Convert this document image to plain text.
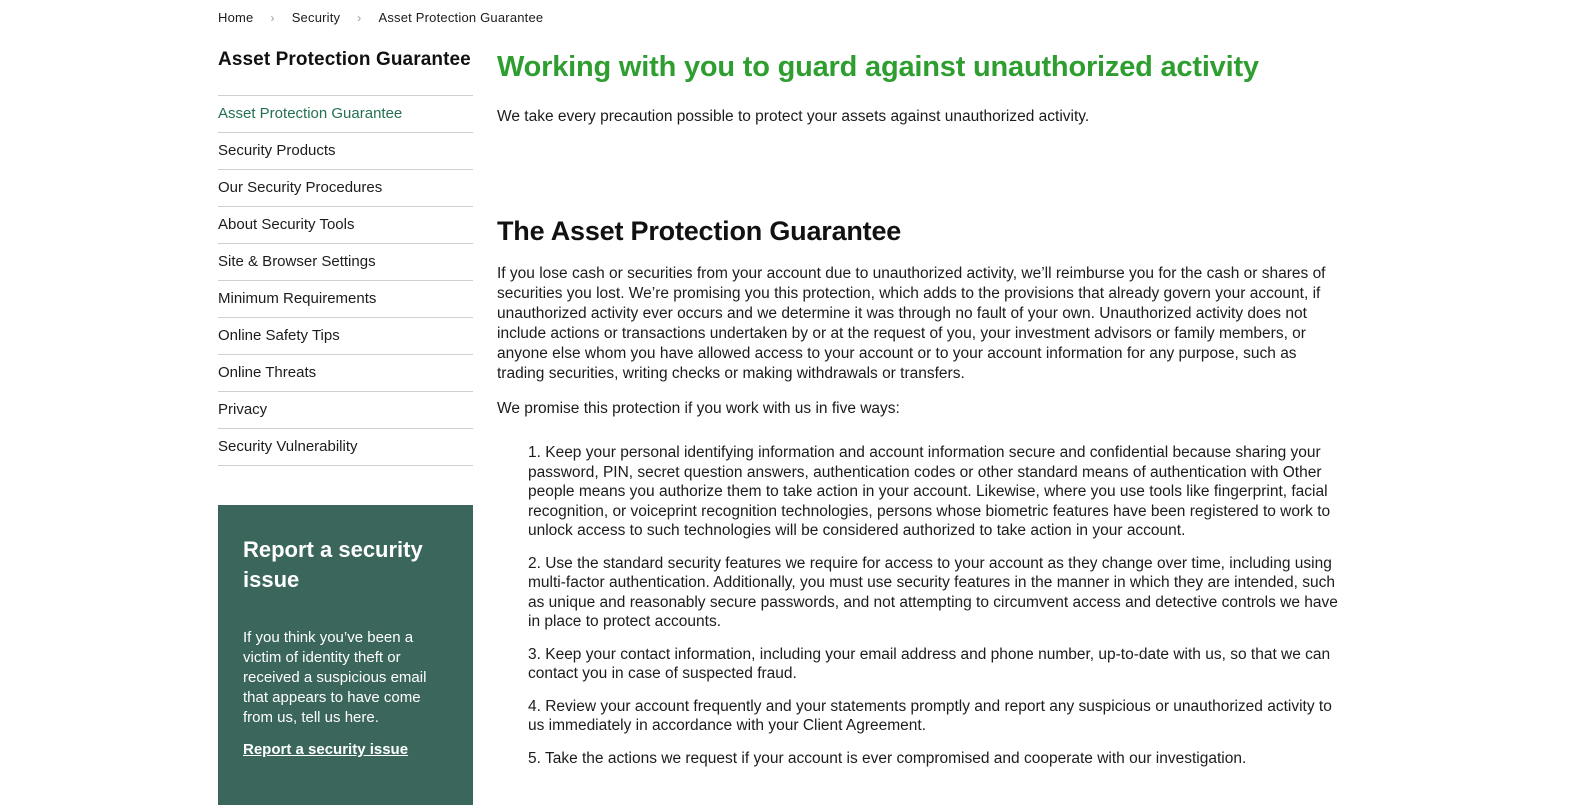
Home › Security › Asset Protection Guarantee
Asset Protection Guarantee
Asset Protection Guarantee
Security Products
Our Security Procedures
About Security Tools
Site & Browser Settings
Minimum Requirements
Online Safety Tips
Online Threats
Privacy
Security Vulnerability
Report a security issue

If you think you’ve been a victim of identity theft or received a suspicious email that appears to have come from us, tell us here.

Report a security issue
Working with you to guard against unauthorized activity

We take every precaution possible to protect your assets against unauthorized activity.

The Asset Protection Guarantee

If you lose cash or securities from your account due to unauthorized activity, we’ll reimburse you for the cash or shares of securities you lost. We’re promising you this protection, which adds to the provisions that already govern your account, if unauthorized activity ever occurs and we determine it was through no fault of your own. Unauthorized activity does not include actions or transactions undertaken by or at the request of you, your investment advisors or family members, or anyone else whom you have allowed access to your account or to your account information for any purpose, such as trading securities, writing checks or making withdrawals or transfers.

We promise this protection if you work with us in five ways:

1. Keep your personal identifying information and account information secure and confidential because sharing your password, PIN, secret question answers, authentication codes or other standard means of authentication with Other people means you authorize them to take action in your account. Likewise, where you use tools like fingerprint, facial recognition, or voiceprint recognition technologies, persons whose biometric features have been registered to work to unlock access to such technologies will be considered authorized to take action in your account.
2. Use the standard security features we require for access to your account as they change over time, including using multi-factor authentication. Additionally, you must use security features in the manner in which they are intended, such as unique and reasonably secure passwords, and not attempting to circumvent access and detective controls we have in place to protect accounts.
3. Keep your contact information, including your email address and phone number, up-to-date with us, so that we can contact you in case of suspected fraud.
4. Review your account frequently and your statements promptly and report any suspicious or unauthorized activity to us immediately in accordance with your Client Agreement.
5. Take the actions we request if your account is ever compromised and cooperate with our investigation.
